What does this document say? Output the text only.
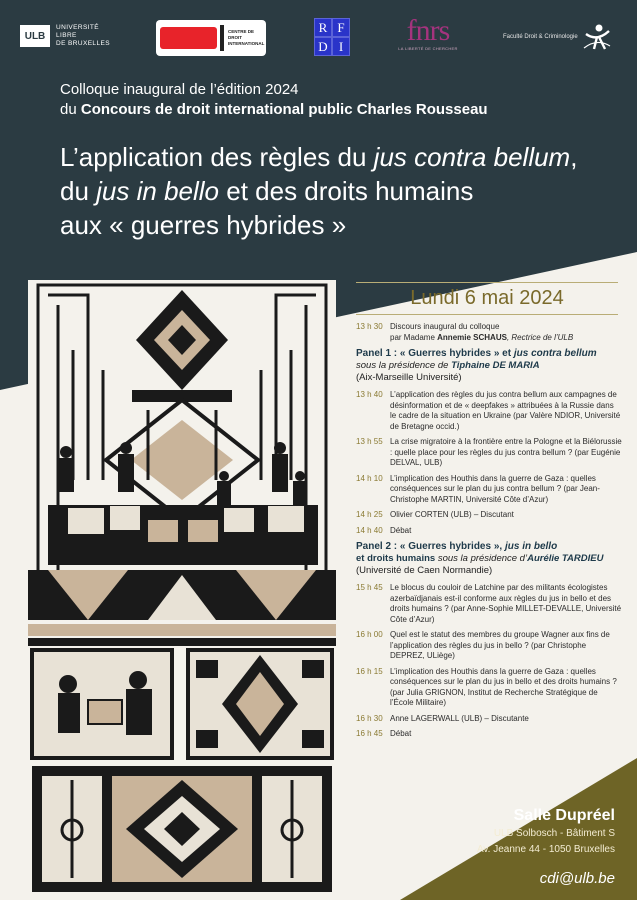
ULB
UNIVERSITÉ
LIBRE
DE BRUXELLES
CENTRE DE
DROIT
INTERNATIONAL
R F
D I fnrs
LA LIBERTÉ DE CHERCHER
Faculté Droit & Criminologie
Colloque inaugural de l’édition 2024
du Concours de droit international public Charles Rousseau
L’application des règles du jus contra bellum,
du jus in bello et des droits humains
aux « guerres hybrides »
Lundi 6 mai 2024
13 h 30 Discours inaugural du colloque
par Madame Annemie SCHAUS, Rectrice de l’ULB
Panel 1 : « Guerres hybrides » et jus contra bellum
sous la présidence de Tiphaine DE MARIA
(Aix-Marseille Université)
13 h 40 L’application des règles du jus contra bellum aux campagnes de désinformation et de « deepfakes » attribuées à la Russie dans le cadre de la situation en Ukraine (par Valère NDIOR, Université de Bretagne occid.)
13 h 55 La crise migratoire à la frontière entre la Pologne et la Biélorussie : quelle place pour les règles du jus contra bellum ? (par Eugénie DELVAL, ULB)
14 h 10 L’implication des Houthis dans la guerre de Gaza : quelles conséquences sur le plan du jus contra bellum ? (par Jean-Christophe MARTIN, Université Côte d’Azur)
14 h 25 Olivier CORTEN (ULB) – Discutant
14 h 40 Débat
Panel 2 : « Guerres hybrides », jus in bello
et droits humains sous la présidence d’Aurélie TARDIEU (Université de Caen Normandie)
15 h 45 Le blocus du couloir de Latchine par des militants écologistes azerbaïdjanais est-il conforme aux règles du jus in bello et des droits humains ? (par Anne-Sophie MILLET-DEVALLE, Université Côte d’Azur)
16 h 00 Quel est le statut des membres du groupe Wagner aux fins de l’application des règles du jus in bello ? (par Christophe DEPREZ, ULiège)
16 h 15 L’implication des Houthis dans la guerre de Gaza : quelles conséquences sur le plan du jus in bello et des droits humains ? (par Julia GRIGNON, Institut de Recherche Stratégique de l’École Militaire)
16 h 30 Anne LAGERWALL (ULB) – Discutante
16 h 45 Débat
Salle Dupréel
ULB Solbosch - Bâtiment S
Av. Jeanne 44 - 1050 Bruxelles
cdi@ulb.be
